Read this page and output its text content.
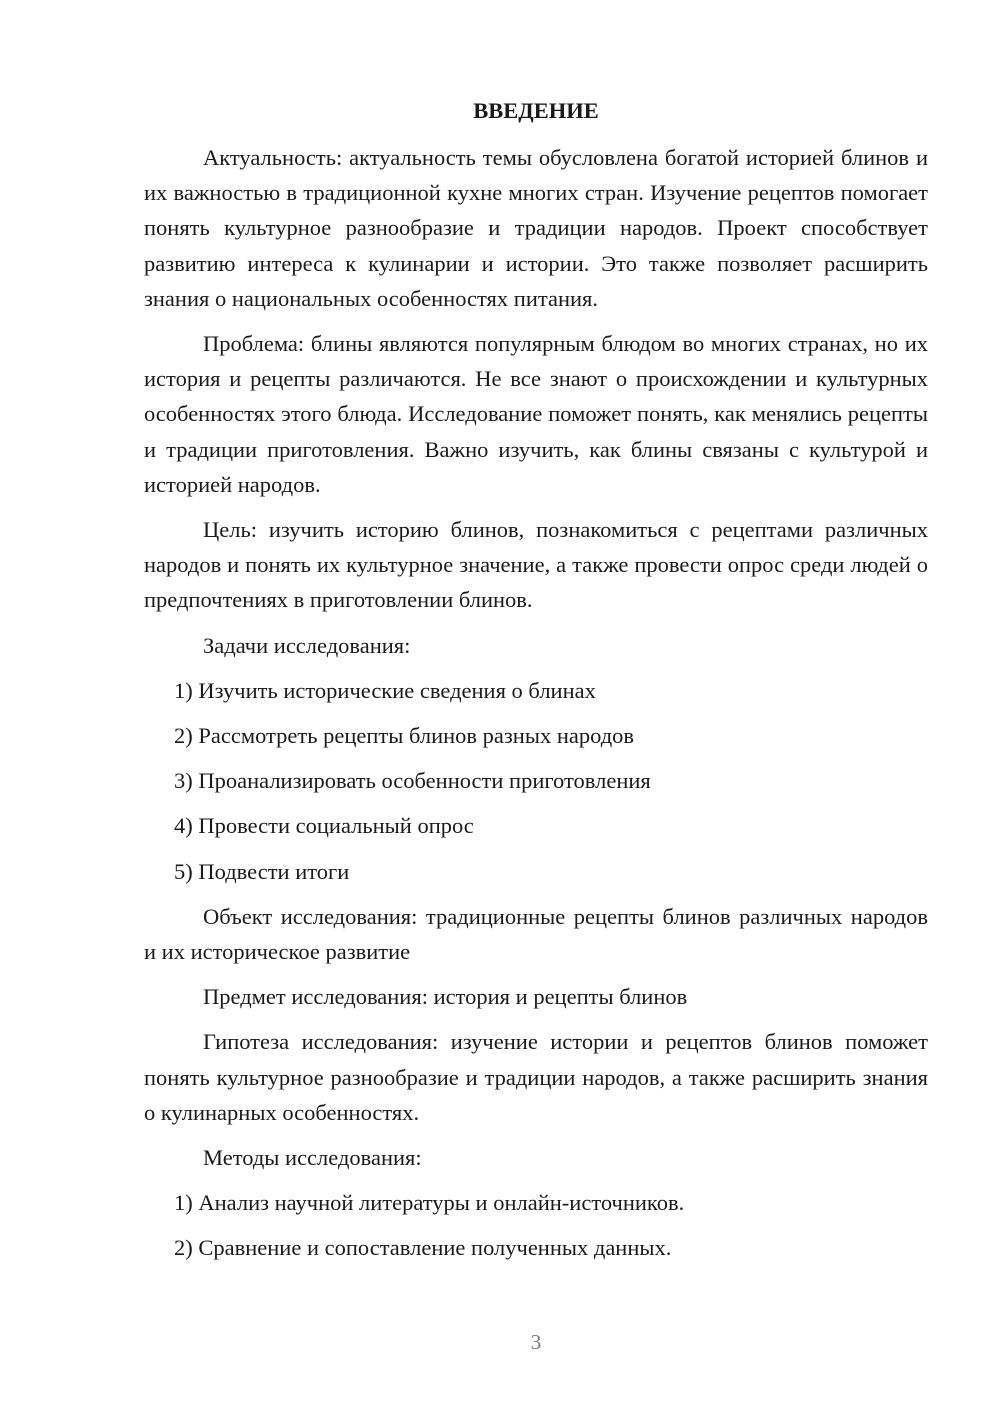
ВВЕДЕНИЕ

Актуальность: актуальность темы обусловлена богатой историей блинов и их важностью в традиционной кухне многих стран. Изучение рецептов помогает понять культурное разнообразие и традиции народов. Проект способствует развитию интереса к кулинарии и истории. Это также позволяет расширить знания о национальных особенностях питания.

Проблема: блины являются популярным блюдом во многих странах, но их история и рецепты различаются. Не все знают о происхождении и культурных особенностях этого блюда. Исследование поможет понять, как менялись рецепты и традиции приготовления. Важно изучить, как блины связаны с культурой и историей народов.

Цель: изучить историю блинов, познакомиться с рецептами различных народов и понять их культурное значение, а также провести опрос среди людей о предпочтениях в приготовлении блинов.

Задачи исследования:

1) Изучить исторические сведения о блинах
2) Рассмотреть рецепты блинов разных народов
3) Проанализировать особенности приготовления
4) Провести социальный опрос
5) Подвести итоги

Объект исследования: традиционные рецепты блинов различных народов и их историческое развитие

Предмет исследования: история и рецепты блинов

Гипотеза исследования: изучение истории и рецептов блинов поможет понять культурное разнообразие и традиции народов, а также расширить знания о кулинарных особенностях.

Методы исследования:

1) Анализ научной литературы и онлайн-источников.
2) Сравнение и сопоставление полученных данных.
3
